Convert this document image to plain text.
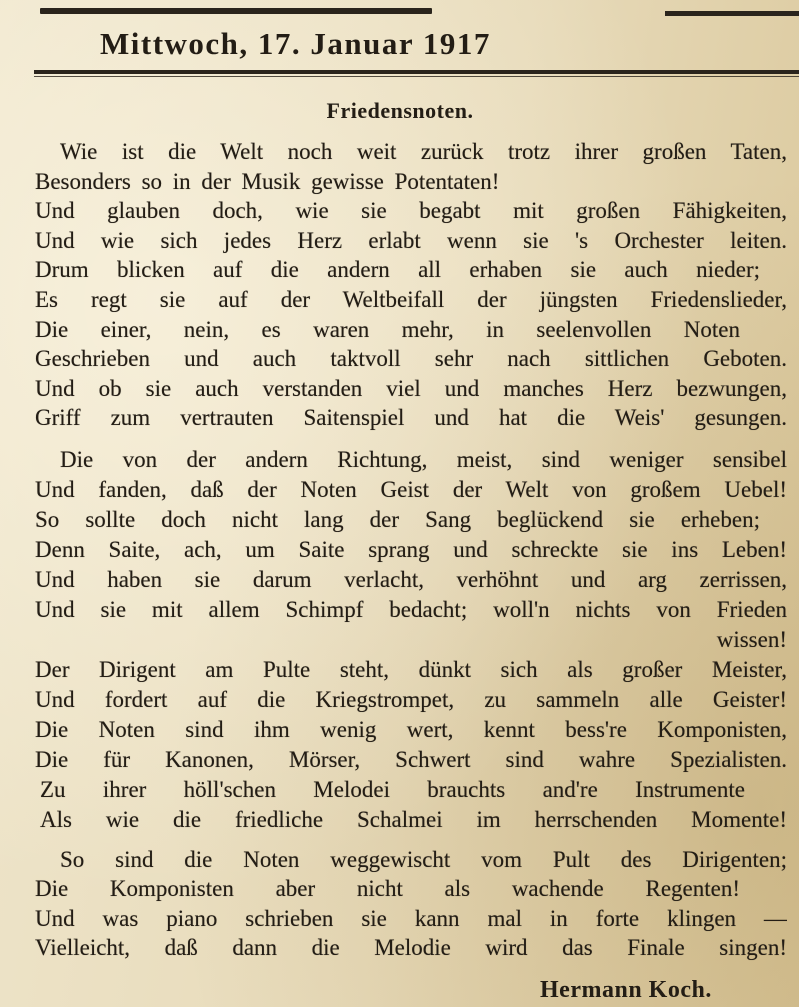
Mittwoch, 17. Januar 1917
Friedensnoten.
Wie ist die Welt noch weit zurück trotz ihrer großen Taten,
Besonders so in der Musik gewisse Potentaten!
Und glauben doch, wie sie begabt mit großen Fähigkeiten,
Und wie sich jedes Herz erlabt wenn sie 's Orchester leiten.
Drum blicken auf die andern all erhaben sie auch nieder;
Es regt sie auf der Weltbeifall der jüngsten Friedenslieder,
Die einer, nein, es waren mehr, in seelenvollen Noten
Geschrieben und auch taktvoll sehr nach sittlichen Geboten.
Und ob sie auch verstanden viel und manches Herz bezwungen,
Griff zum vertrauten Saitenspiel und hat die Weis' gesungen.
Die von der andern Richtung, meist, sind weniger sensibel
Und fanden, daß der Noten Geist der Welt von großem Uebel!
So sollte doch nicht lang der Sang beglückend sie erheben;
Denn Saite, ach, um Saite sprang und schreckte sie ins Leben!
Und haben sie darum verlacht, verhöhnt und arg zerrissen,
Und sie mit allem Schimpf bedacht; woll'n nichts von Frieden
wissen!
Der Dirigent am Pulte steht, dünkt sich als großer Meister,
Und fordert auf die Kriegstrompet, zu sammeln alle Geister!
Die Noten sind ihm wenig wert, kennt bess're Komponisten,
Die für Kanonen, Mörser, Schwert sind wahre Spezialisten.
Zu ihrer höll'schen Melodei brauchts and're Instrumente
Als wie die friedliche Schalmei im herrschenden Momente!
So sind die Noten weggewischt vom Pult des Dirigenten;
Die Komponisten aber nicht als wachende Regenten!
Und was piano schrieben sie kann mal in forte klingen —
Vielleicht, daß dann die Melodie wird das Finale singen!
Hermann Koch.
